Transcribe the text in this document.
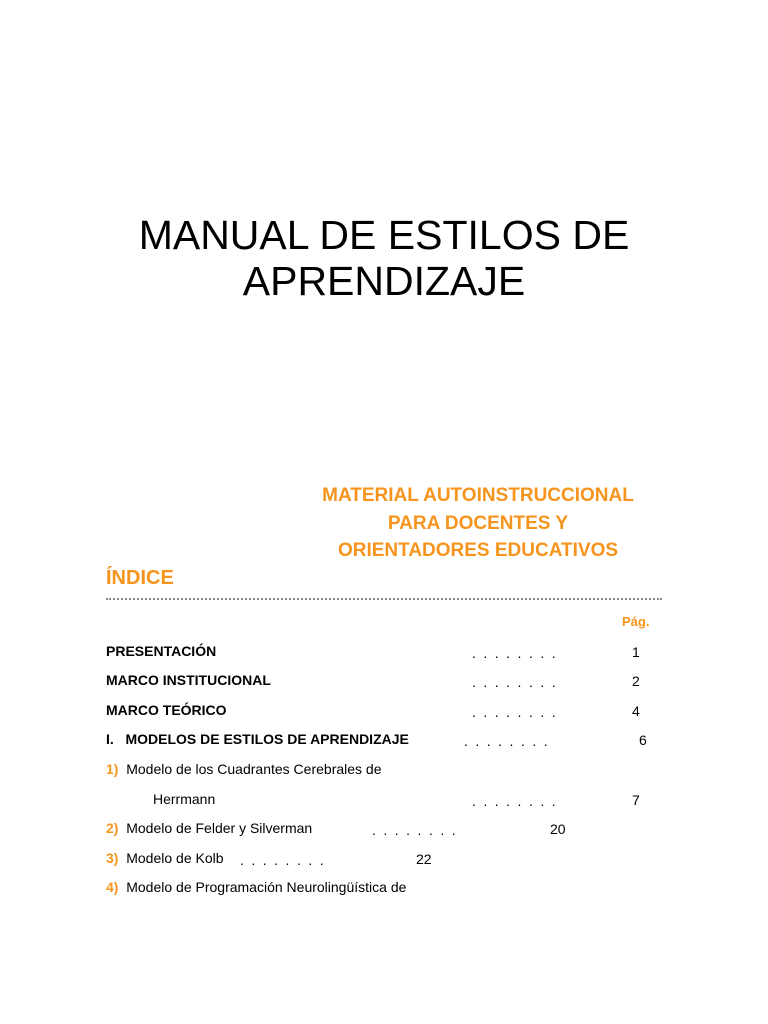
MANUAL DE ESTILOS DE
APRENDIZAJE
MATERIAL AUTOINSTRUCCIONAL
PARA DOCENTES Y
ORIENTADORES EDUCATIVOS
ÍNDICE
Pág.
PRESENTACIÓN	........	1
MARCO INSTITUCIONAL	........	2
MARCO TEÓRICO	........	4
I. MODELOS DE ESTILOS DE APRENDIZAJE	........	6
1) Modelo de los Cuadrantes Cerebrales de
Herrmann	........	7
2) Modelo de Felder y Silverman	........	20
3) Modelo de Kolb ........	22
4) Modelo de Programación Neurolingüística de
